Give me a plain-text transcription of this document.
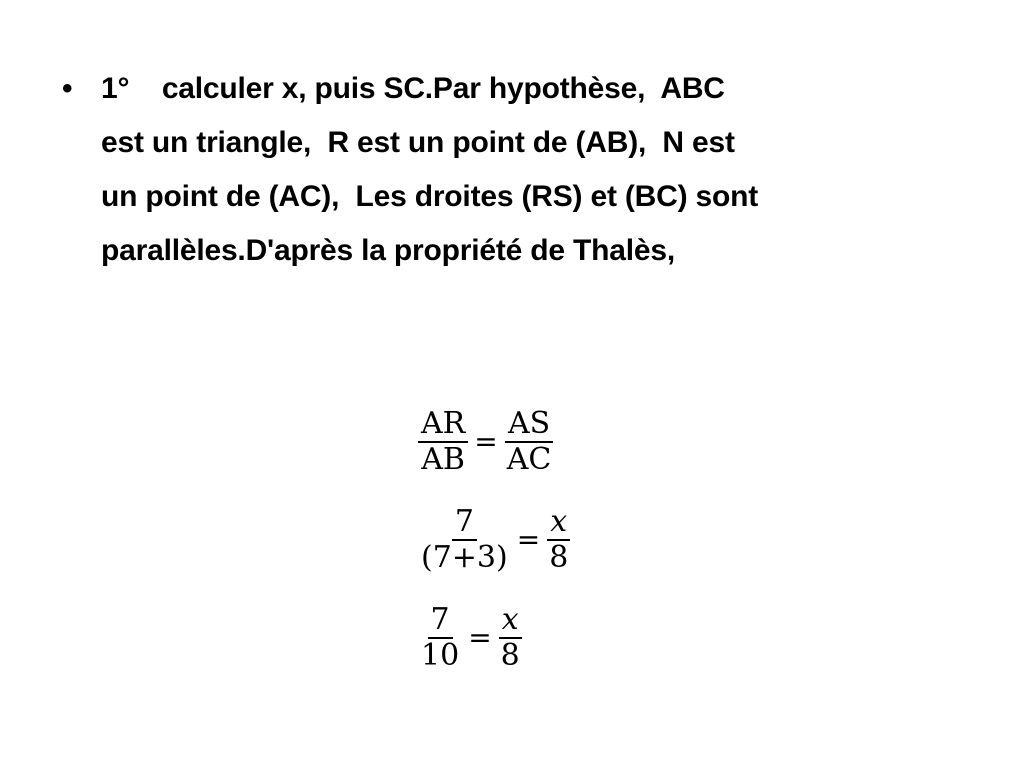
• 1°    calculer x, puis SC.Par hypothèse,  ABC
est un triangle,  R est un point de (AB),  N est
un point de (AC),  Les droites (RS) et (BC) sont
parallèles.D'après la propriété de Thalès,
$\frac{AR}{AB} = \frac{AS}{AC}$
$\frac{7}{(7+3)} = \frac{x}{8}$
$\frac{7}{10} = \frac{x}{8}$
